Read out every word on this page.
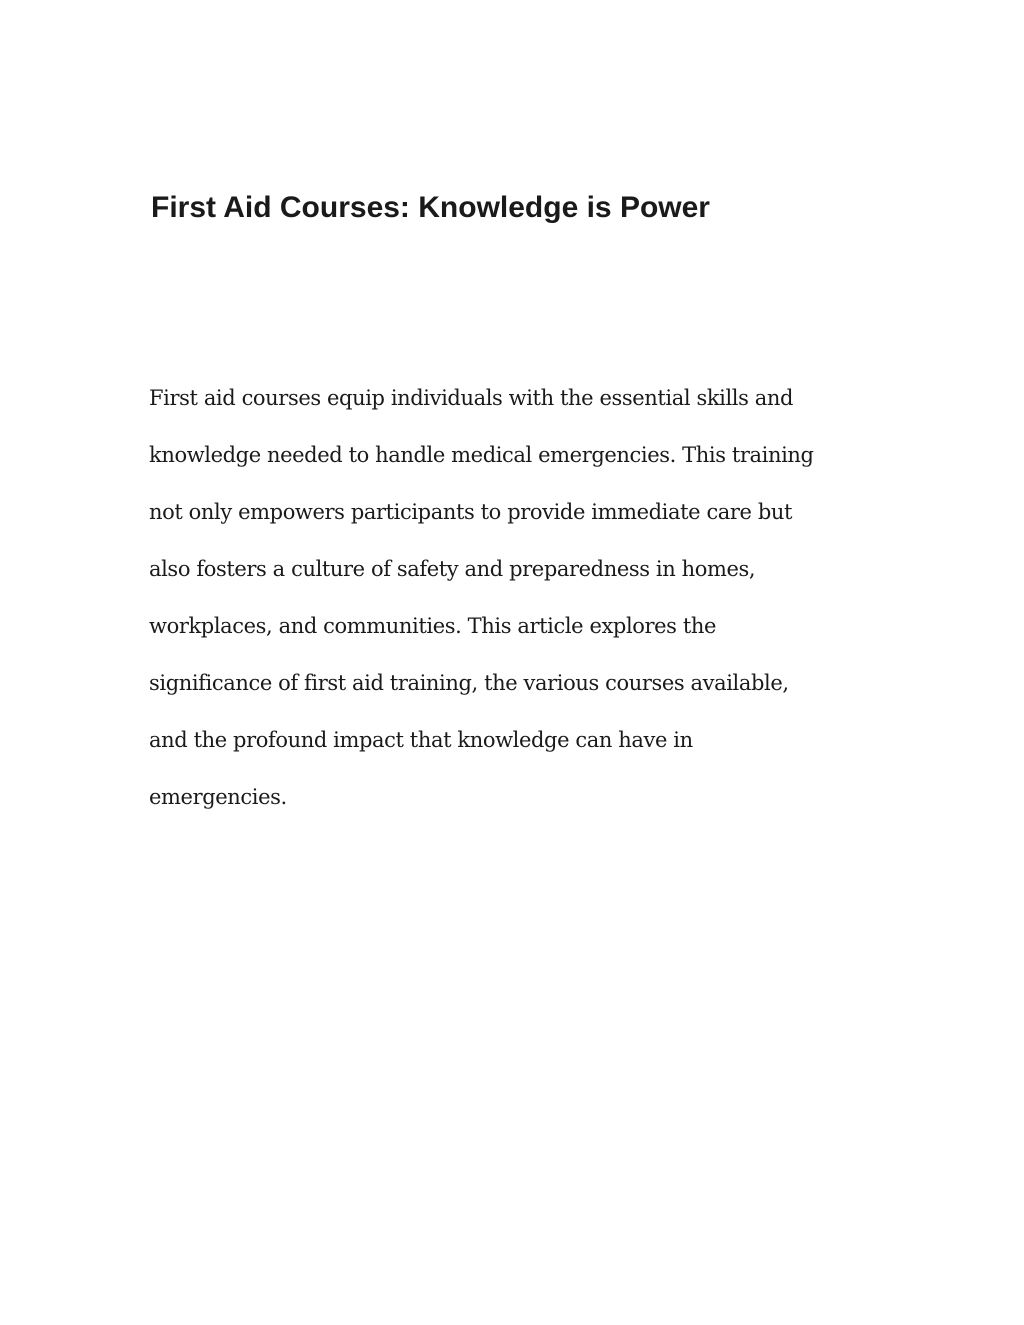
First Aid Courses: Knowledge is Power
First aid courses equip individuals with the essential skills and
knowledge needed to handle medical emergencies. This training
not only empowers participants to provide immediate care but
also fosters a culture of safety and preparedness in homes,
workplaces, and communities. This article explores the
significance of first aid training, the various courses available,
and the profound impact that knowledge can have in
emergencies.
